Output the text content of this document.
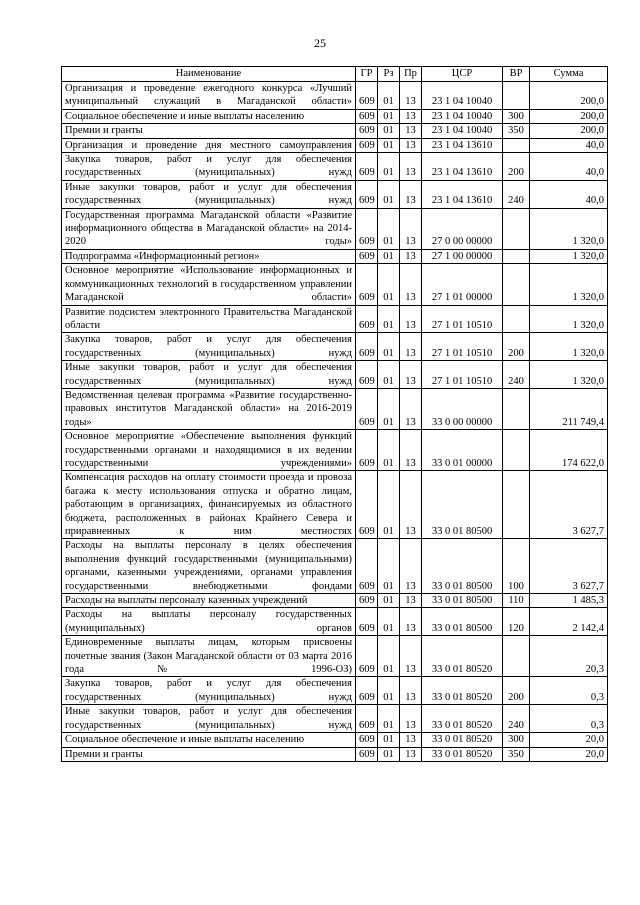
25
Наименование	ГР	Рз	Пр	ЦСР	ВР	Сумма
Организация и проведение ежегодного конкурса «Лучший муниципальный служащий в Магаданской области»	609	01	13	23 1 04 10040		200,0
Социальное обеспечение и иные выплаты населению	609	01	13	23 1 04 10040	300	200,0
Премии и гранты	609	01	13	23 1 04 10040	350	200,0
Организация и проведение дня местного самоуправления	609	01	13	23 1 04 13610		40,0
Закупка товаров, работ и услуг для обеспечения государственных (муниципальных) нужд	609	01	13	23 1 04 13610	200	40,0
Иные закупки товаров, работ и услуг для обеспечения государственных (муниципальных) нужд	609	01	13	23 1 04 13610	240	40,0
Государственная программа Магаданской области «Развитие информационного общества в Магаданской области» на 2014-2020 годы»	609	01	13	27 0 00 00000		1 320,0
Подпрограмма «Информационный регион»	609	01	13	27 1 00 00000		1 320,0
Основное мероприятие «Использование информационных и коммуникационных технологий в государственном управлении Магаданской области»	609	01	13	27 1 01 00000		1 320,0
Развитие подсистем электронного Правительства Магаданской области	609	01	13	27 1 01 10510		1 320,0
Закупка товаров, работ и услуг для обеспечения государственных (муниципальных) нужд	609	01	13	27 1 01 10510	200	1 320,0
Иные закупки товаров, работ и услуг для обеспечения государственных (муниципальных) нужд	609	01	13	27 1 01 10510	240	1 320,0
Ведомственная целевая программа «Развитие государственно-правовых институтов Магаданской области» на 2016-2019 годы»	609	01	13	33 0 00 00000		211 749,4
Основное мероприятие «Обеспечение выполнения функций государственными органами и находящимися в их ведении государственными учреждениями»	609	01	13	33 0 01 00000		174 622,0
Компенсация расходов на оплату стоимости проезда и провоза багажа к месту использования отпуска и обратно лицам, работающим в организациях, финансируемых из областного бюджета, расположенных в районах Крайнего Севера и приравненных к ним местностях	609	01	13	33 0 01 80500		3 627,7
Расходы на выплаты персоналу в целях обеспечения выполнения функций государственными (муниципальными) органами, казенными учреждениями, органами управления государственными внебюджетными фондами	609	01	13	33 0 01 80500	100	3 627,7
Расходы на выплаты персоналу казенных учреждений	609	01	13	33 0 01 80500	110	1 485,3
Расходы на выплаты персоналу государственных (муниципальных) органов	609	01	13	33 0 01 80500	120	2 142,4
Единовременные выплаты лицам, которым присвоены почетные звания (Закон Магаданской области от 03 марта 2016 года № 1996-ОЗ)	609	01	13	33 0 01 80520		20,3
Закупка товаров, работ и услуг для обеспечения государственных (муниципальных) нужд	609	01	13	33 0 01 80520	200	0,3
Иные закупки товаров, работ и услуг для обеспечения государственных (муниципальных) нужд	609	01	13	33 0 01 80520	240	0,3
Социальное обеспечение и иные выплаты населению	609	01	13	33 0 01 80520	300	20,0
Премии и гранты	609	01	13	33 0 01 80520	350	20,0
